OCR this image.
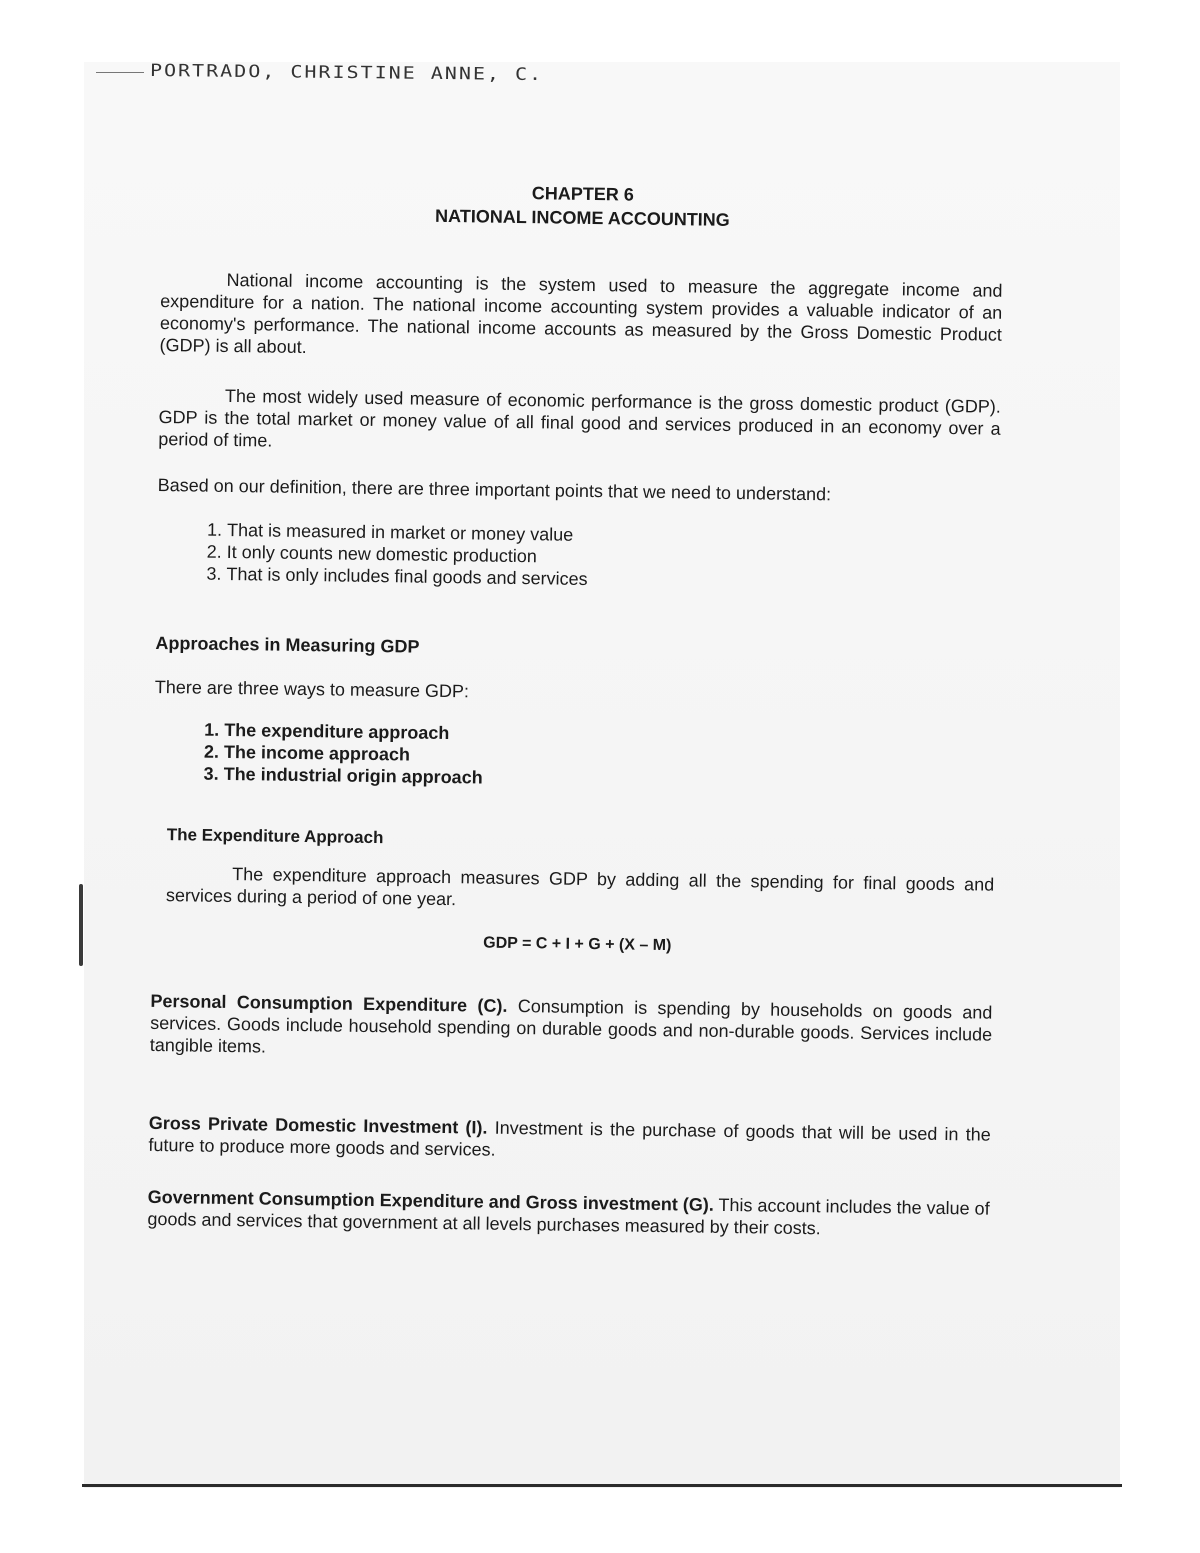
PORTRADO, CHRISTINE ANNE, C.
CHAPTER 6
NATIONAL INCOME ACCOUNTING

National income accounting is the system used to measure the aggregate income and expenditure for a nation. The national income accounting system provides a valuable indicator of an economy's performance. The national income accounts as measured by the Gross Domestic Product (GDP) is all about.

The most widely used measure of economic performance is the gross domestic product (GDP). GDP is the total market or money value of all final good and services produced in an economy over a period of time.

Based on our definition, there are three important points that we need to understand:

1. That is measured in market or money value
2. It only counts new domestic production
3. That is only includes final goods and services
Approaches in Measuring GDP

There are three ways to measure GDP:

1. The expenditure approach
2. The income approach
3. The industrial origin approach
The Expenditure Approach

The expenditure approach measures GDP by adding all the spending for final goods and services during a period of one year.

GDP = C + I + G + (X – M)

Personal Consumption Expenditure (C). Consumption is spending by households on goods and services. Goods include household spending on durable goods and non-durable goods. Services include tangible items.

Gross Private Domestic Investment (I). Investment is the purchase of goods that will be used in the future to produce more goods and services.

Government Consumption Expenditure and Gross investment (G). This account includes the value of goods and services that government at all levels purchases measured by their costs.
